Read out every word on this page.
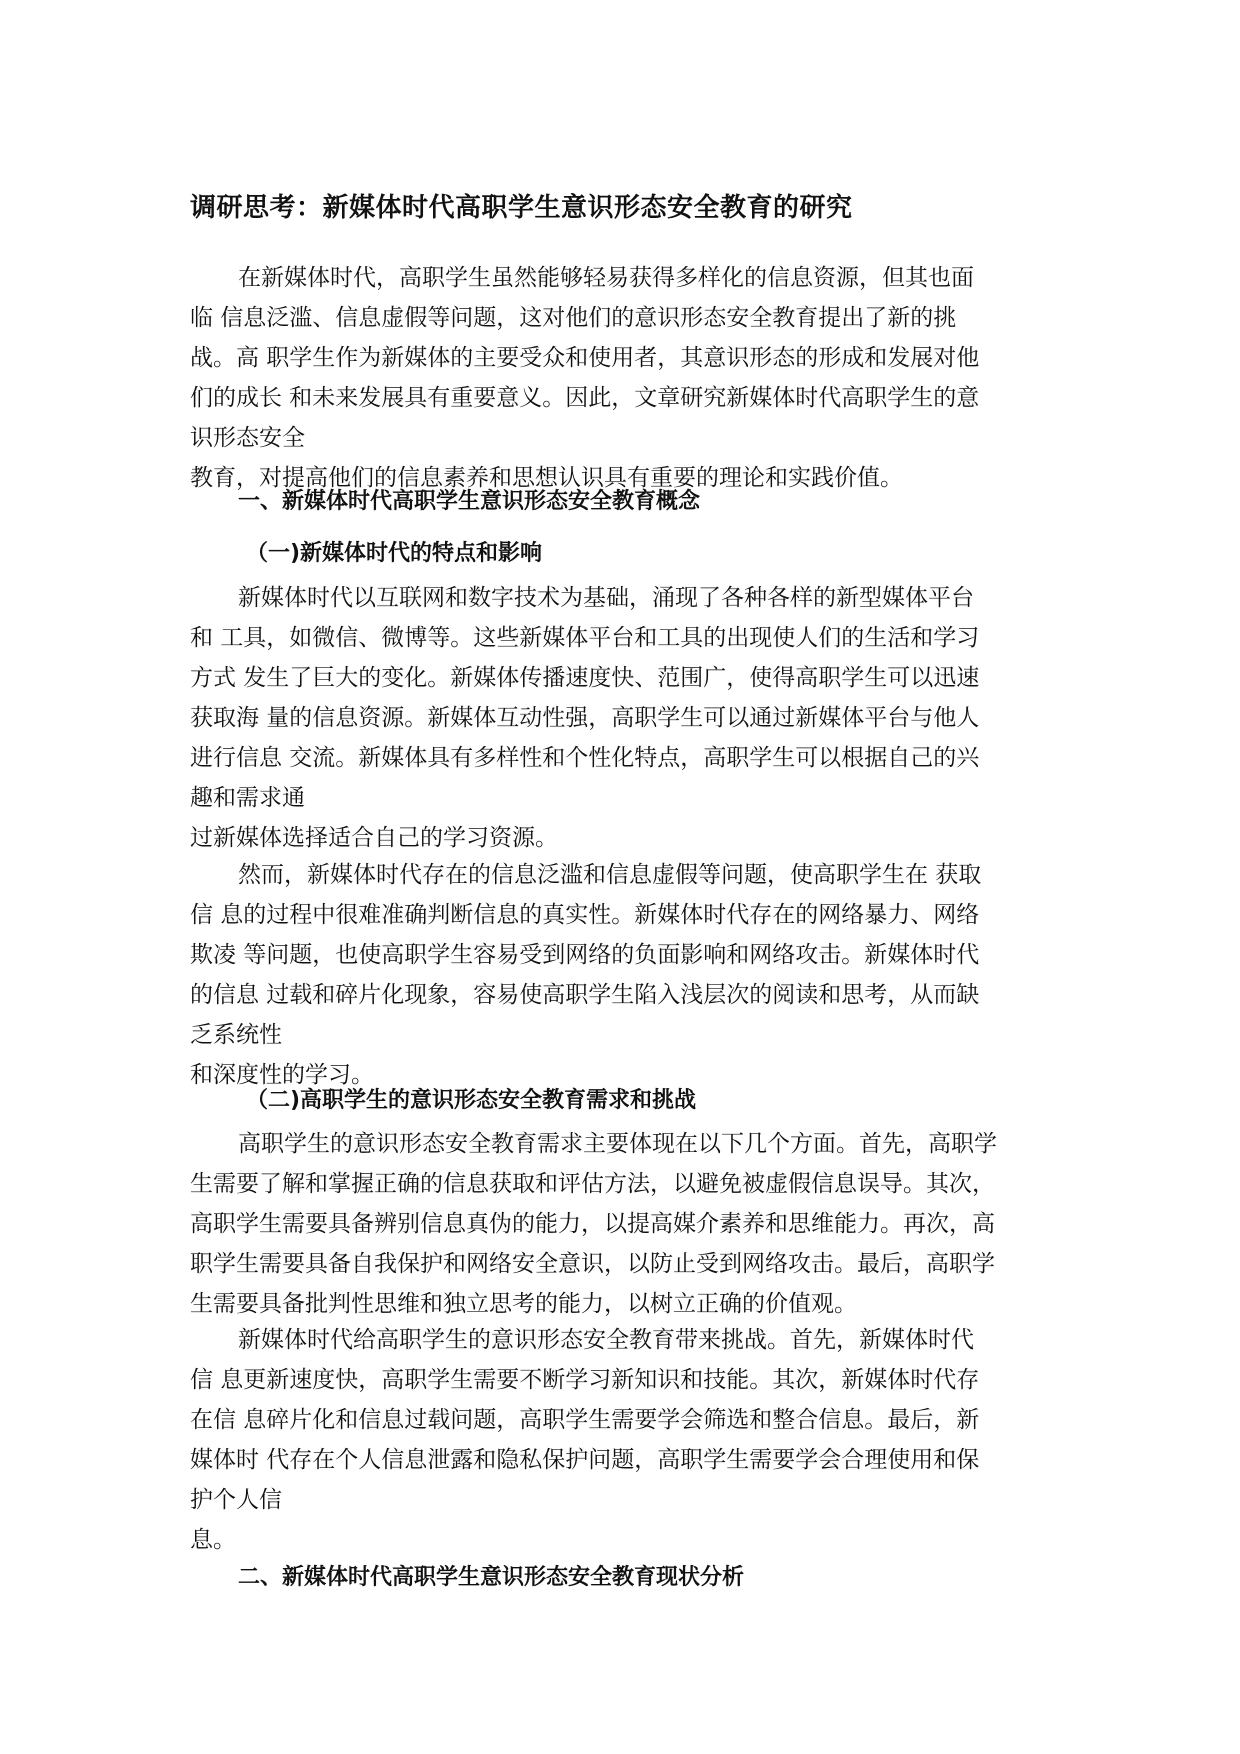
调研思考：新媒体时代高职学生意识形态安全教育的研究
在新媒体时代，高职学生虽然能够轻易获得多样化的信息资源，但其也面
临 信息泛滥、信息虚假等问题，这对他们的意识形态安全教育提出了新的挑
战。高 职学生作为新媒体的主要受众和使用者，其意识形态的形成和发展对他
们的成长 和未来发展具有重要意义。因此，文章研究新媒体时代高职学生的意
识形态安全
教育，对提高他们的信息素养和思想认识具有重要的理论和实践价值。
一、新媒体时代高职学生意识形态安全教育概念
（一)新媒体时代的特点和影响
新媒体时代以互联网和数字技术为基础，涌现了各种各样的新型媒体平台
和 工具，如微信、微博等。这些新媒体平台和工具的出现使人们的生活和学习
方式 发生了巨大的变化。新媒体传播速度快、范围广，使得高职学生可以迅速
获取海 量的信息资源。新媒体互动性强，高职学生可以通过新媒体平台与他人
进行信息 交流。新媒体具有多样性和个性化特点，高职学生可以根据自己的兴
趣和需求通
过新媒体选择适合自己的学习资源。
然而，新媒体时代存在的信息泛滥和信息虚假等问题，使高职学生在 获取
信 息的过程中很难准确判断信息的真实性。新媒体时代存在的网络暴力、网络
欺凌 等问题，也使高职学生容易受到网络的负面影响和网络攻击。新媒体时代
的信息 过载和碎片化现象，容易使高职学生陷入浅层次的阅读和思考，从而缺
乏系统性
和深度性的学习。
（二)高职学生的意识形态安全教育需求和挑战
高职学生的意识形态安全教育需求主要体现在以下几个方面。首先，高职学
生需要了解和掌握正确的信息获取和评估方法，以避免被虚假信息误导。其次，
高职学生需要具备辨别信息真伪的能力，以提高媒介素养和思维能力。再次，高
职学生需要具备自我保护和网络安全意识，以防止受到网络攻击。最后，高职学
生需要具备批判性思维和独立思考的能力，以树立正确的价值观。
新媒体时代给高职学生的意识形态安全教育带来挑战。首先，新媒体时代
信 息更新速度快，高职学生需要不断学习新知识和技能。其次，新媒体时代存
在信 息碎片化和信息过载问题，高职学生需要学会筛选和整合信息。最后，新
媒体时 代存在个人信息泄露和隐私保护问题，高职学生需要学会合理使用和保
护个人信
息。
二、新媒体时代高职学生意识形态安全教育现状分析
